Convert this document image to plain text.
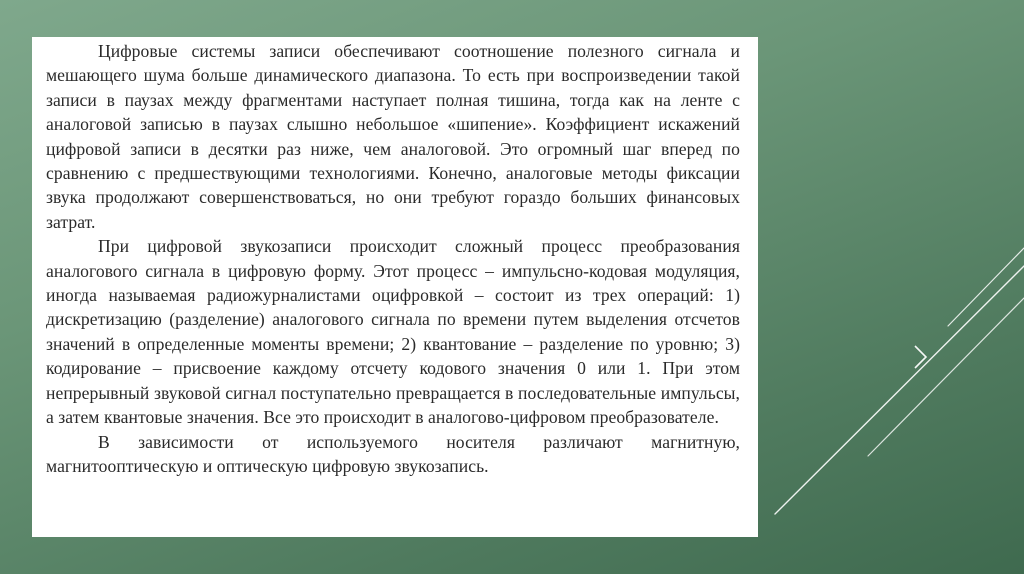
Цифровые системы записи обеспечивают соотношение полезного сигнала и мешающего шума больше динамического диапазона. То есть при воспроизведении такой записи в паузах между фрагментами наступает полная тишина, тогда как на ленте с аналоговой записью в паузах слышно небольшое «шипение». Коэффициент искажений цифровой записи в десятки раз ниже, чем аналоговой. Это огромный шаг вперед по сравнению с предшествующими технологиями. Конечно, аналоговые методы фиксации звука продолжают совершенствоваться, но они требуют гораздо больших финансовых затрат.

При цифровой звукозаписи происходит сложный процесс преобразования аналогового сигнала в цифровую форму. Этот процесс – импульсно-кодовая модуляция, иногда называемая радиожурналистами оцифровкой – состоит из трех операций: 1) дискретизацию (разделение) аналогового сигнала по времени путем выделения отсчетов значений в определенные моменты времени; 2) квантование – разделение по уровню; 3) кодирование – присвоение каждому отсчету кодового значения 0 или 1. При этом непрерывный звуковой сигнал поступательно превращается в последовательные импульсы, а затем квантовые значения. Все это происходит в аналогово-цифровом преобразователе.

В зависимости от используемого носителя различают магнитную, магнитооптическую и оптическую цифровую звукозапись.
